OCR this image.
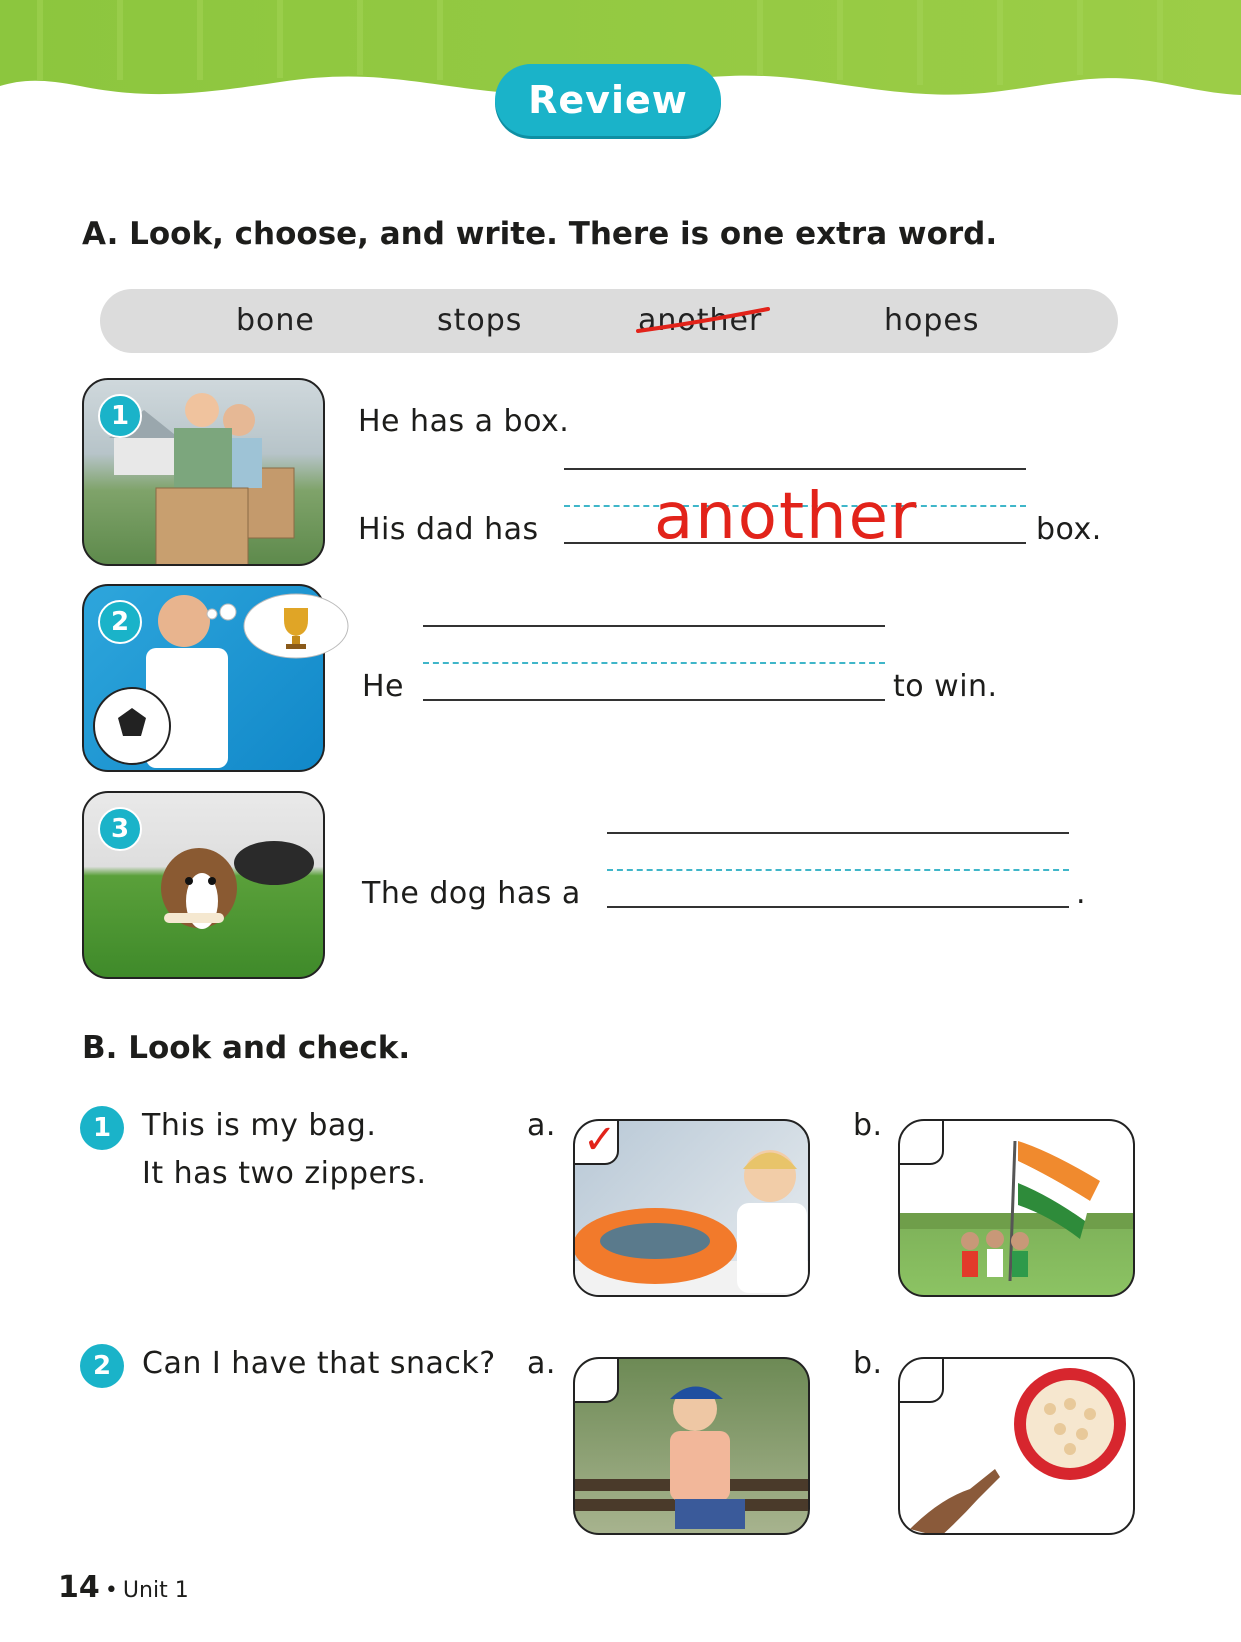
Review
A. Look, choose, and write. There is one extra word.
bone	stops	another	hopes
1	He has a box.
His dad has another	box.
2
He	to win.
3
The dog has a	.
B. Look and check.
1	This is my bag.
It has two zippers.
a. ✓	b.
2	Can I have that snack? a.	b.
14 • Unit 1
